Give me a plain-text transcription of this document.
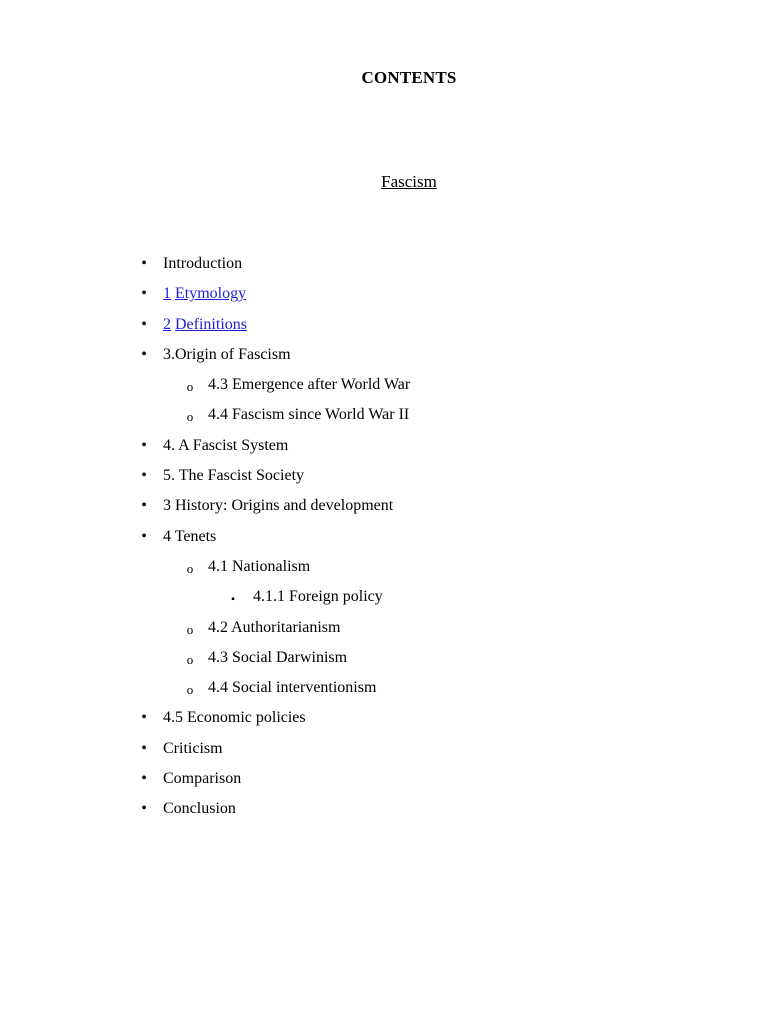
CONTENTS
Fascism
• Introduction
• 1 Etymology
• 2 Definitions
• 3.Origin of Fascism
o 4.3 Emergence after World War
o 4.4 Fascism since World War II
• 4. A Fascist System
• 5. The Fascist Society
• 3 History: Origins and development
• 4 Tenets
o 4.1 Nationalism
▪ 4.1.1 Foreign policy
o 4.2 Authoritarianism
o 4.3 Social Darwinism
o 4.4 Social interventionism
• 4.5 Economic policies
• Criticism
• Comparison
• Conclusion
